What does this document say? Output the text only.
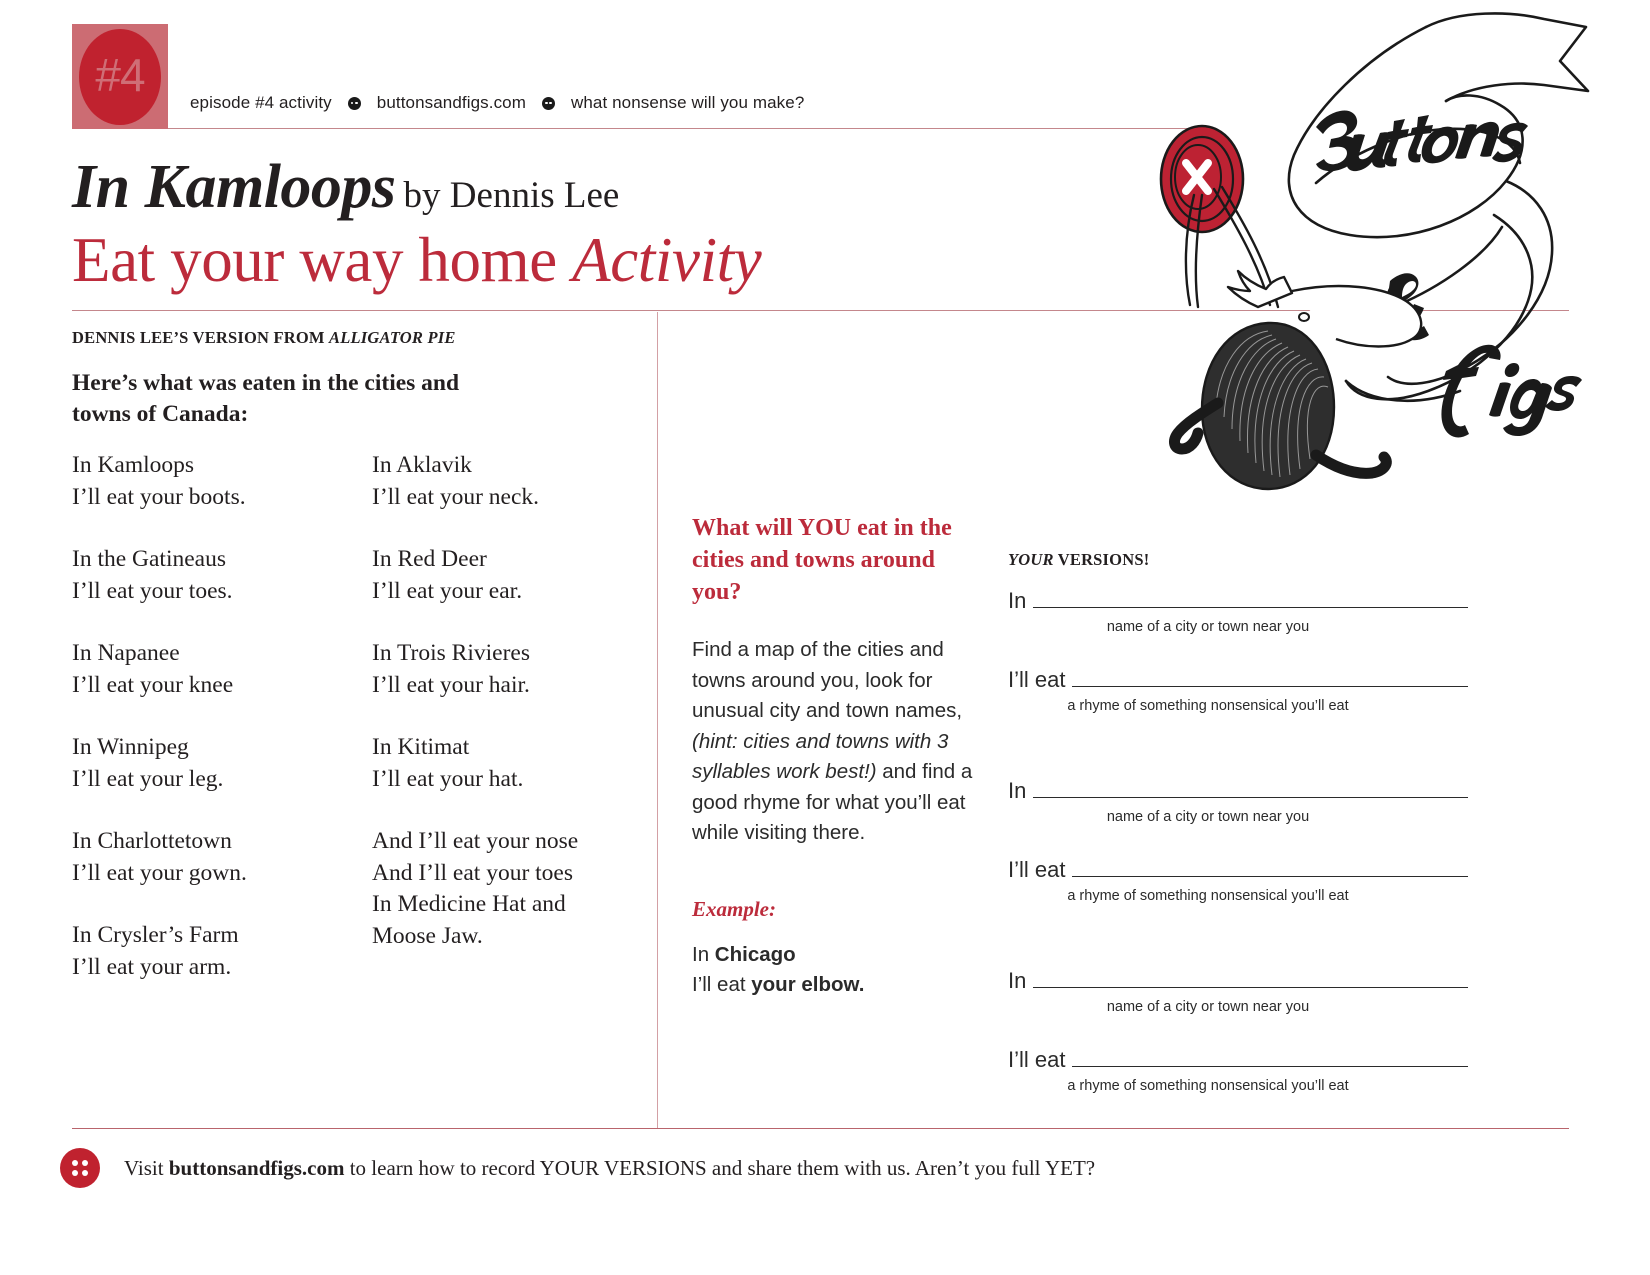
#4
episode #4 activity	buttonsandfigs.com	what nonsense will you make?
In Kamloops by Dennis Lee
Eat your way home Activity
DENNIS LEE’S VERSION FROM ALLIGATOR PIE
Here’s what was eaten in the cities and towns of Canada:
In Kamloops
I’ll eat your boots.
In the Gatineaus
I’ll eat your toes.
In Napanee
I’ll eat your knee
In Winnipeg
I’ll eat your leg.
In Charlottetown
I’ll eat your gown.
In Crysler’s Farm
I’ll eat your arm.
In Aklavik
I’ll eat your neck.
In Red Deer
I’ll eat your ear.
In Trois Rivieres
I’ll eat your hair.
In Kitimat
I’ll eat your hat.
And I’ll eat your nose
And I’ll eat your toes
In Medicine Hat and
Moose Jaw.
What will YOU eat in the cities and towns around you?
Find a map of the cities and towns around you, look for unusual city and town names, (hint: cities and towns with 3 syllables work best!) and find a good rhyme for what you’ll eat while visiting there.
Example:
In Chicago
I’ll eat your elbow.
YOUR VERSIONS!
In
name of a city or town near you
I’ll eat
a rhyme of something nonsensical you’ll eat
In
name of a city or town near you
I’ll eat
a rhyme of something nonsensical you’ll eat
In
name of a city or town near you
I’ll eat
a rhyme of something nonsensical you’ll eat
Visit buttonsandfigs.com to learn how to record YOUR VERSIONS and share them with us. Aren’t you full YET?
